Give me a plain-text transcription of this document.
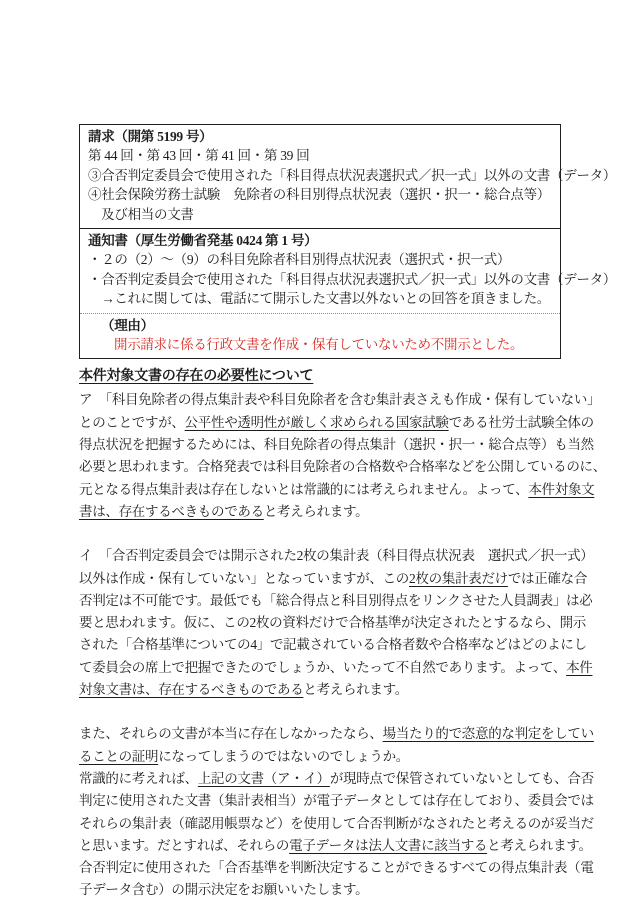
請求（開第 5199 号）
第 44 回・第 43 回・第 41 回・第 39 回
③合否判定委員会で使用された「科目得点状況表選択式／択一式」以外の文書（データ）
④社会保険労務士試験　免除者の科目別得点状況表（選択・択一・総合点等）
　及び相当の文書
通知書（厚生労働省発基 0424 第 1 号）
・２の（2）～（9）の科目免除者科目別得点状況表（選択式・択一式）
・合否判定委員会で使用された「科目得点状況表選択式／択一式」以外の文書（データ）
　→これに関しては、電話にて開示した文書以外ないとの回答を頂きました。
（理由）
開示請求に係る行政文書を作成・保有していないため不開示とした。
本件対象文書の存在の必要性について
ア　「科目免除者の得点集計表や科目免除者を含む集計表さえも作成・保有していない」
とのことですが、公平性や透明性が厳しく求められる国家試験である社労士試験全体の
得点状況を把握するためには、科目免除者の得点集計（選択・択一・総合点等）も当然
必要と思われます。合格発表では科目免除者の合格数や合格率などを公開しているのに、
元となる得点集計表は存在しないとは常識的には考えられません。よって、本件対象文
書は、存在するべきものであると考えられます。
イ　「合否判定委員会では開示された2枚の集計表（科目得点状況表　選択式／択一式）
以外は作成・保有していない」となっていますが、この2枚の集計表だけでは正確な合
否判定は不可能です。最低でも「総合得点と科目別得点をリンクさせた人員調表」は必
要と思われます。仮に、この2枚の資料だけで合格基準が決定されたとするなら、開示
された「合格基準についての4」で記載されている合格者数や合格率などはどのよにし
て委員会の席上で把握できたのでしょうか、いたって不自然であります。よって、本件
対象文書は、存在するべきものであると考えられます。
また、それらの文書が本当に存在しなかったなら、場当たり的で恣意的な判定をしてい
ることの証明になってしまうのではないのでしょうか。
常識的に考えれば、上記の文書（ア・イ）が現時点で保管されていないとしても、合否
判定に使用された文書（集計表相当）が電子データとしては存在しており、委員会では
それらの集計表（確認用帳票など）を使用して合否判断がなされたと考えるのが妥当だ
と思います。だとすれば、それらの電子データは法人文書に該当すると考えられます。
合否判定に使用された「合否基準を判断決定することができるすべての得点集計表（電
子データ含む）の開示決定をお願いいたします。
